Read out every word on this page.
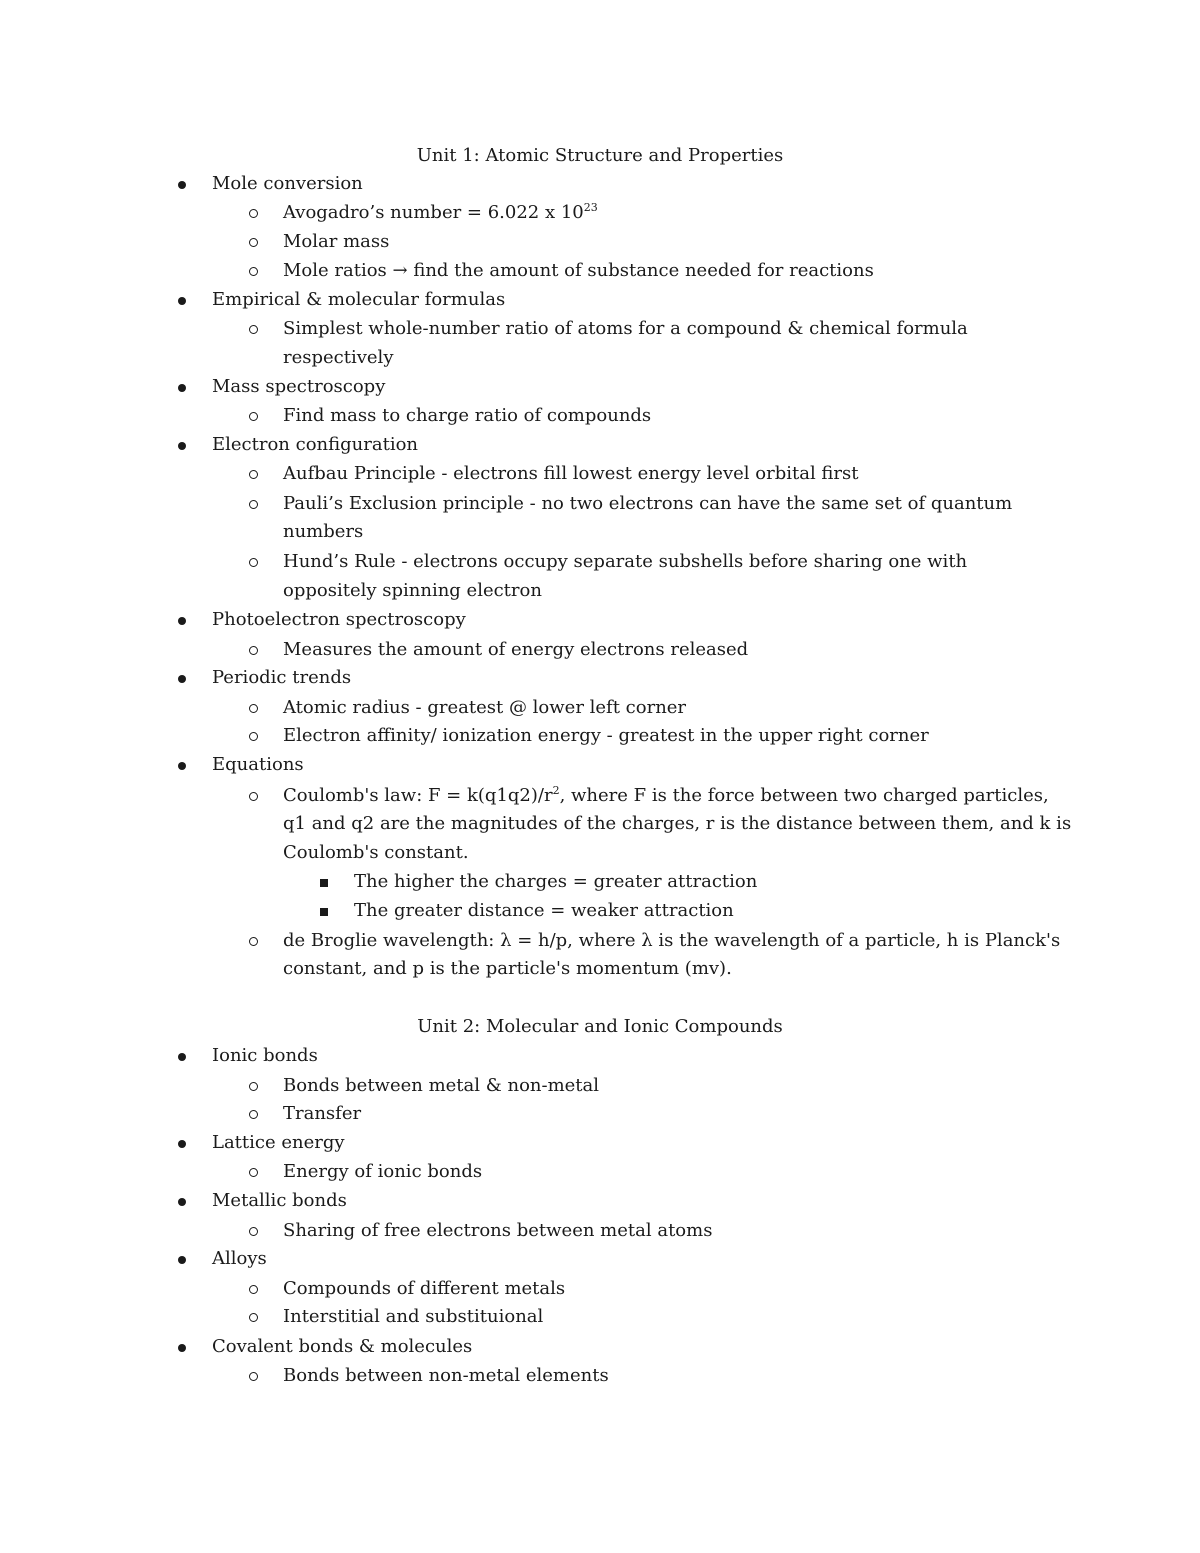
Unit 1: Atomic Structure and Properties
Mole conversion
Avogadro’s number = 6.022 x $10^{23}$
Molar mass
Mole ratios → find the amount of substance needed for reactions
Empirical & molecular formulas
Simplest whole-number ratio of atoms for a compound & chemical formula
respectively
Mass spectroscopy
Find mass to charge ratio of compounds
Electron configuration
Aufbau Principle - electrons fill lowest energy level orbital first
Pauli’s Exclusion principle - no two electrons can have the same set of quantum
numbers
Hund’s Rule - electrons occupy separate subshells before sharing one with
oppositely spinning electron
Photoelectron spectroscopy
Measures the amount of energy electrons released
Periodic trends
Atomic radius - greatest @ lower left corner
Electron affinity/ ionization energy - greatest in the upper right corner
Equations
Coulomb's law: $F = k(q1q2)/r^2$, where F is the force between two charged particles,
q1 and q2 are the magnitudes of the charges, r is the distance between them, and k is
Coulomb's constant.
The higher the charges = greater attraction
The greater distance = weaker attraction
de Broglie wavelength: λ = h/p, where λ is the wavelength of a particle, h is Planck's
constant, and p is the particle's momentum (mv).
Unit 2: Molecular and Ionic Compounds
Ionic bonds
Bonds between metal & non-metal
Transfer
Lattice energy
Energy of ionic bonds
Metallic bonds
Sharing of free electrons between metal atoms
Alloys
Compounds of different metals
Interstitial and substituional
Covalent bonds & molecules
Bonds between non-metal elements
